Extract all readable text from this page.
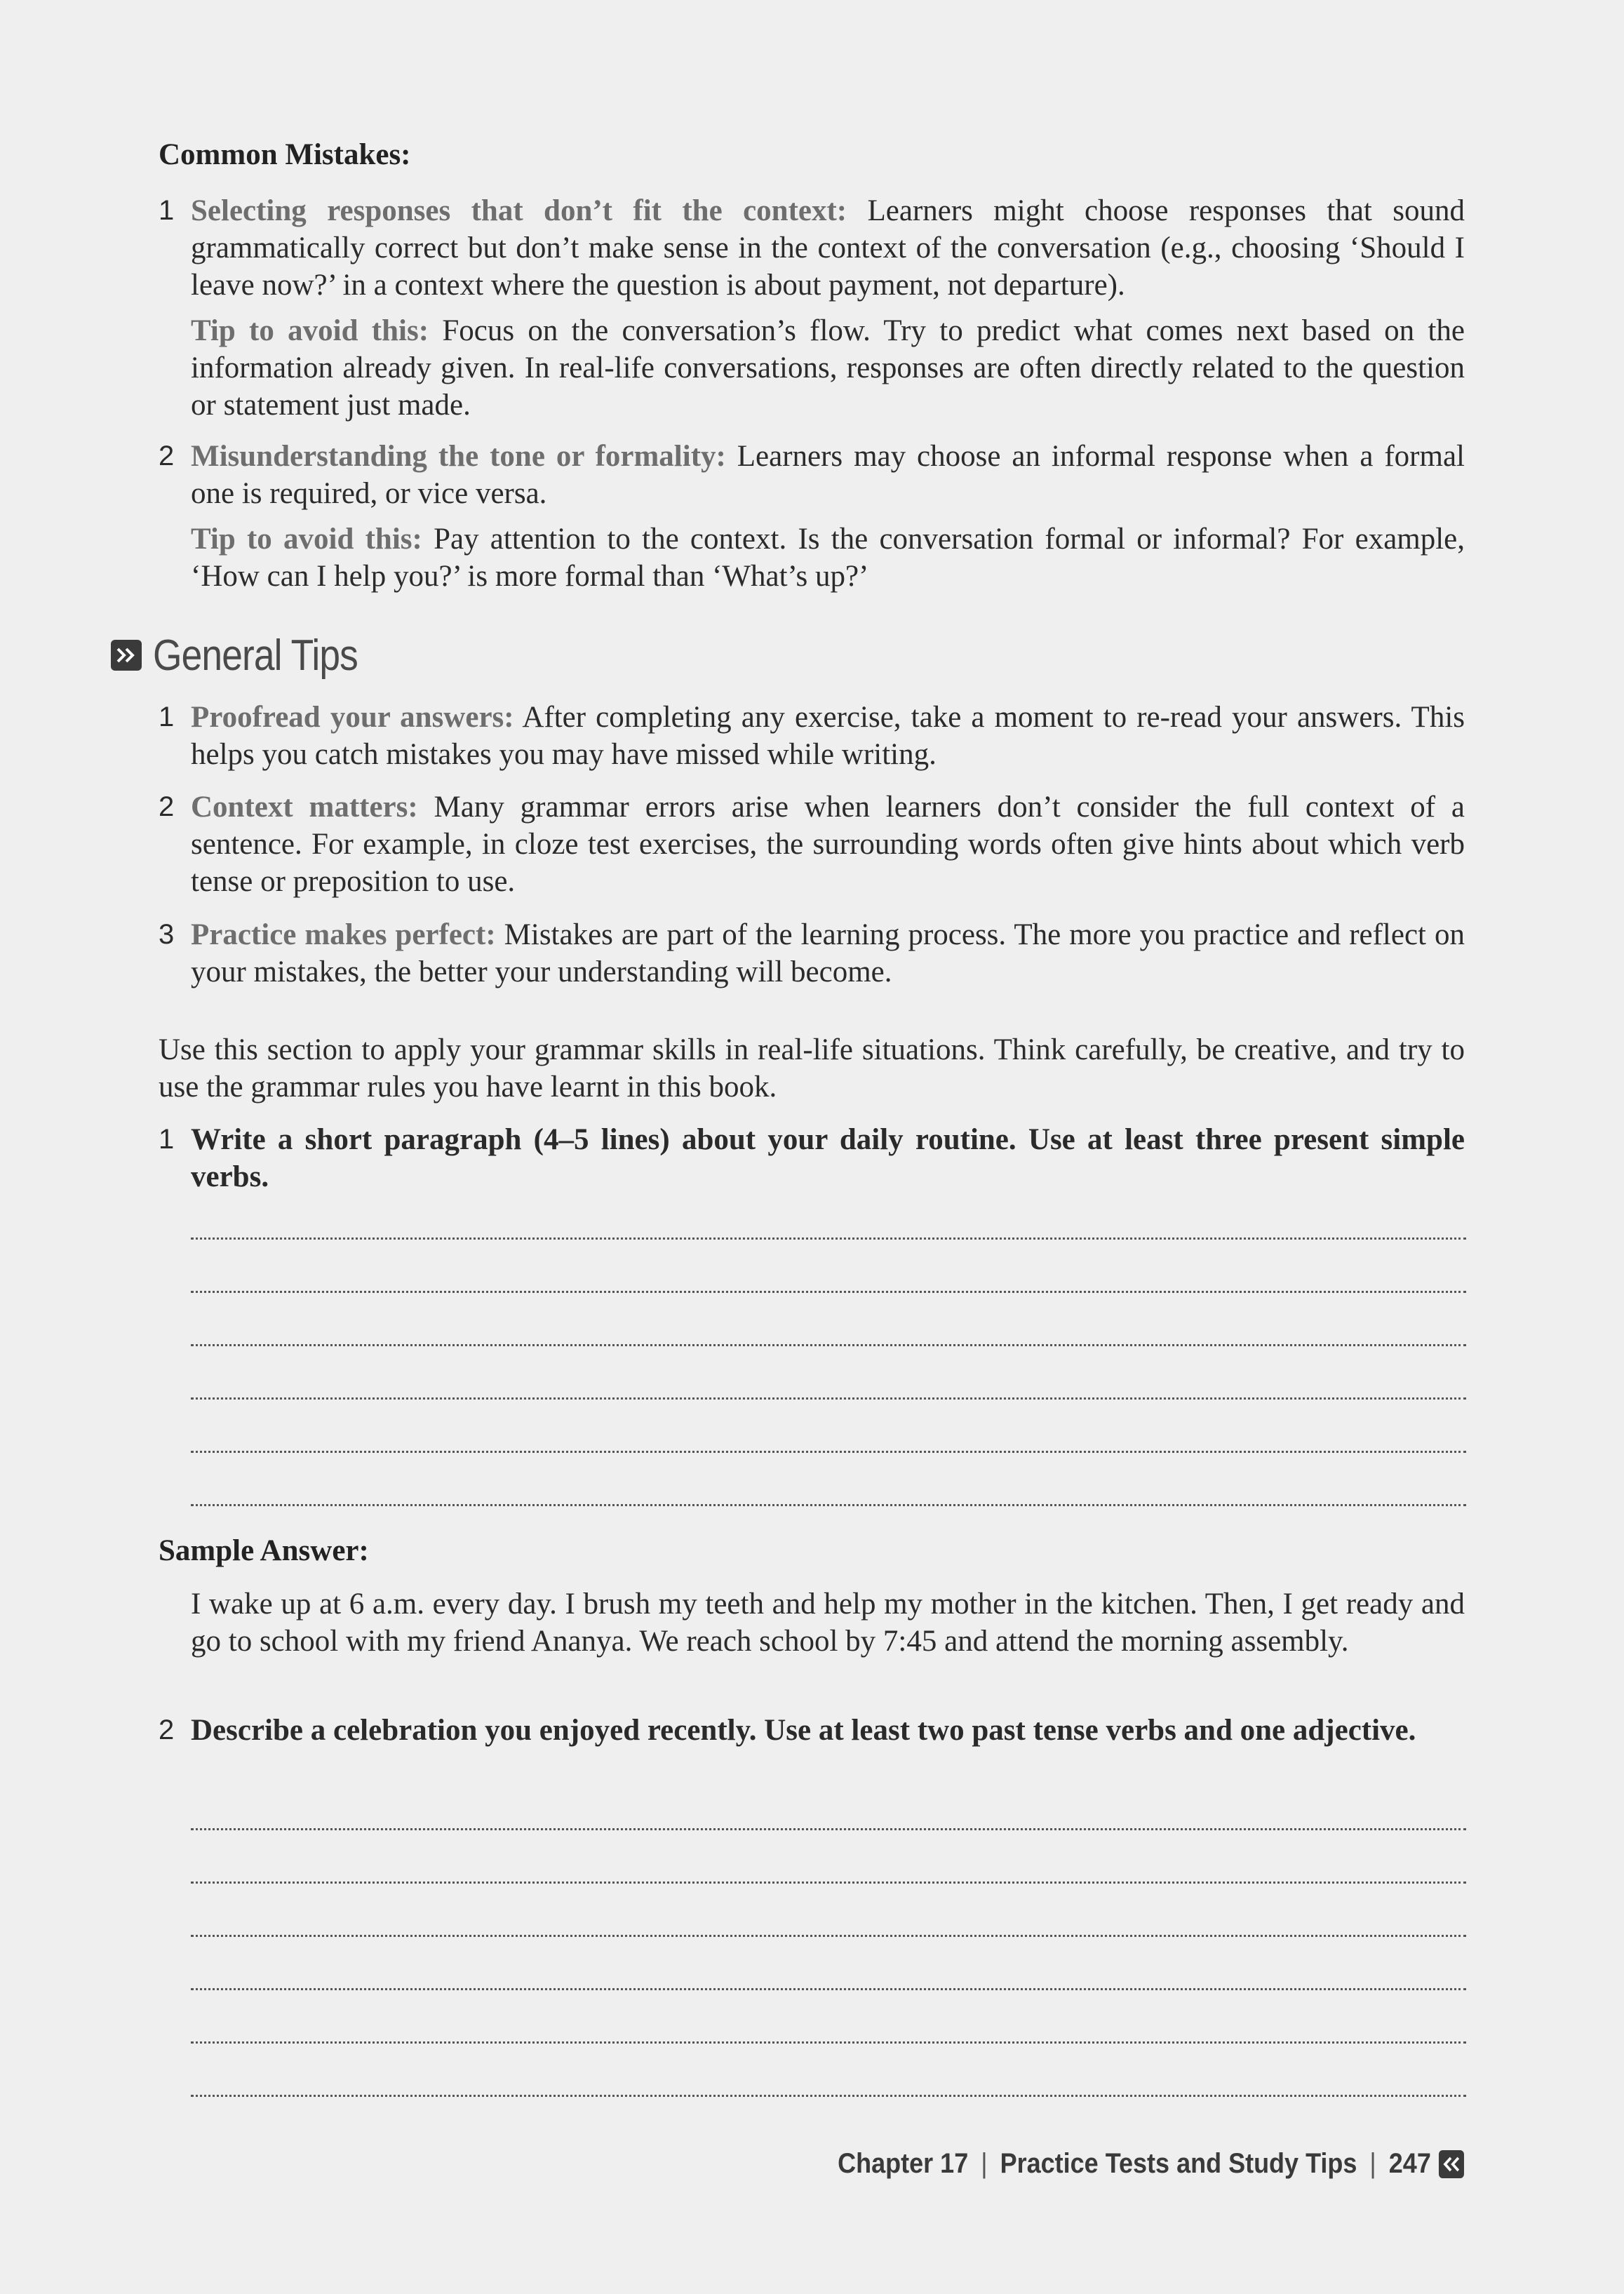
Common Mistakes:
1 Selecting responses that don’t fit the context: Learners might choose responses that sound grammatically correct but don’t make sense in the context of the conversation (e.g., choosing ‘Should I leave now?’ in a context where the question is about payment, not departure).

Tip to avoid this: Focus on the conversation’s flow. Try to predict what comes next based on the information already given. In real-life conversations, responses are often directly related to the question or statement just made.

2 Misunderstanding the tone or formality: Learners may choose an informal response when a formal one is required, or vice versa.

Tip to avoid this: Pay attention to the context. Is the conversation formal or informal? For example, ‘How can I help you?’ is more formal than ‘What’s up?’

General Tips
1 Proofread your answers: After completing any exercise, take a moment to re-read your answers. This helps you catch mistakes you may have missed while writing.

2 Context matters: Many grammar errors arise when learners don’t consider the full context of a sentence. For example, in cloze test exercises, the surrounding words often give hints about which verb tense or preposition to use.

3 Practice makes perfect: Mistakes are part of the learning process. The more you practice and reflect on your mistakes, the better your understanding will become.

Use this section to apply your grammar skills in real-life situations. Think carefully, be creative, and try to use the grammar rules you have learnt in this book.

1 Write a short paragraph (4–5 lines) about your daily routine. Use at least three present simple verbs.

Sample Answer:

I wake up at 6 a.m. every day. I brush my teeth and help my mother in the kitchen. Then, I get ready and go to school with my friend Ananya. We reach school by 7:45 and attend the morning assembly.

2 Describe a celebration you enjoyed recently. Use at least two past tense verbs and one adjective.

Chapter 17 | Practice Tests and Study Tips | 247
